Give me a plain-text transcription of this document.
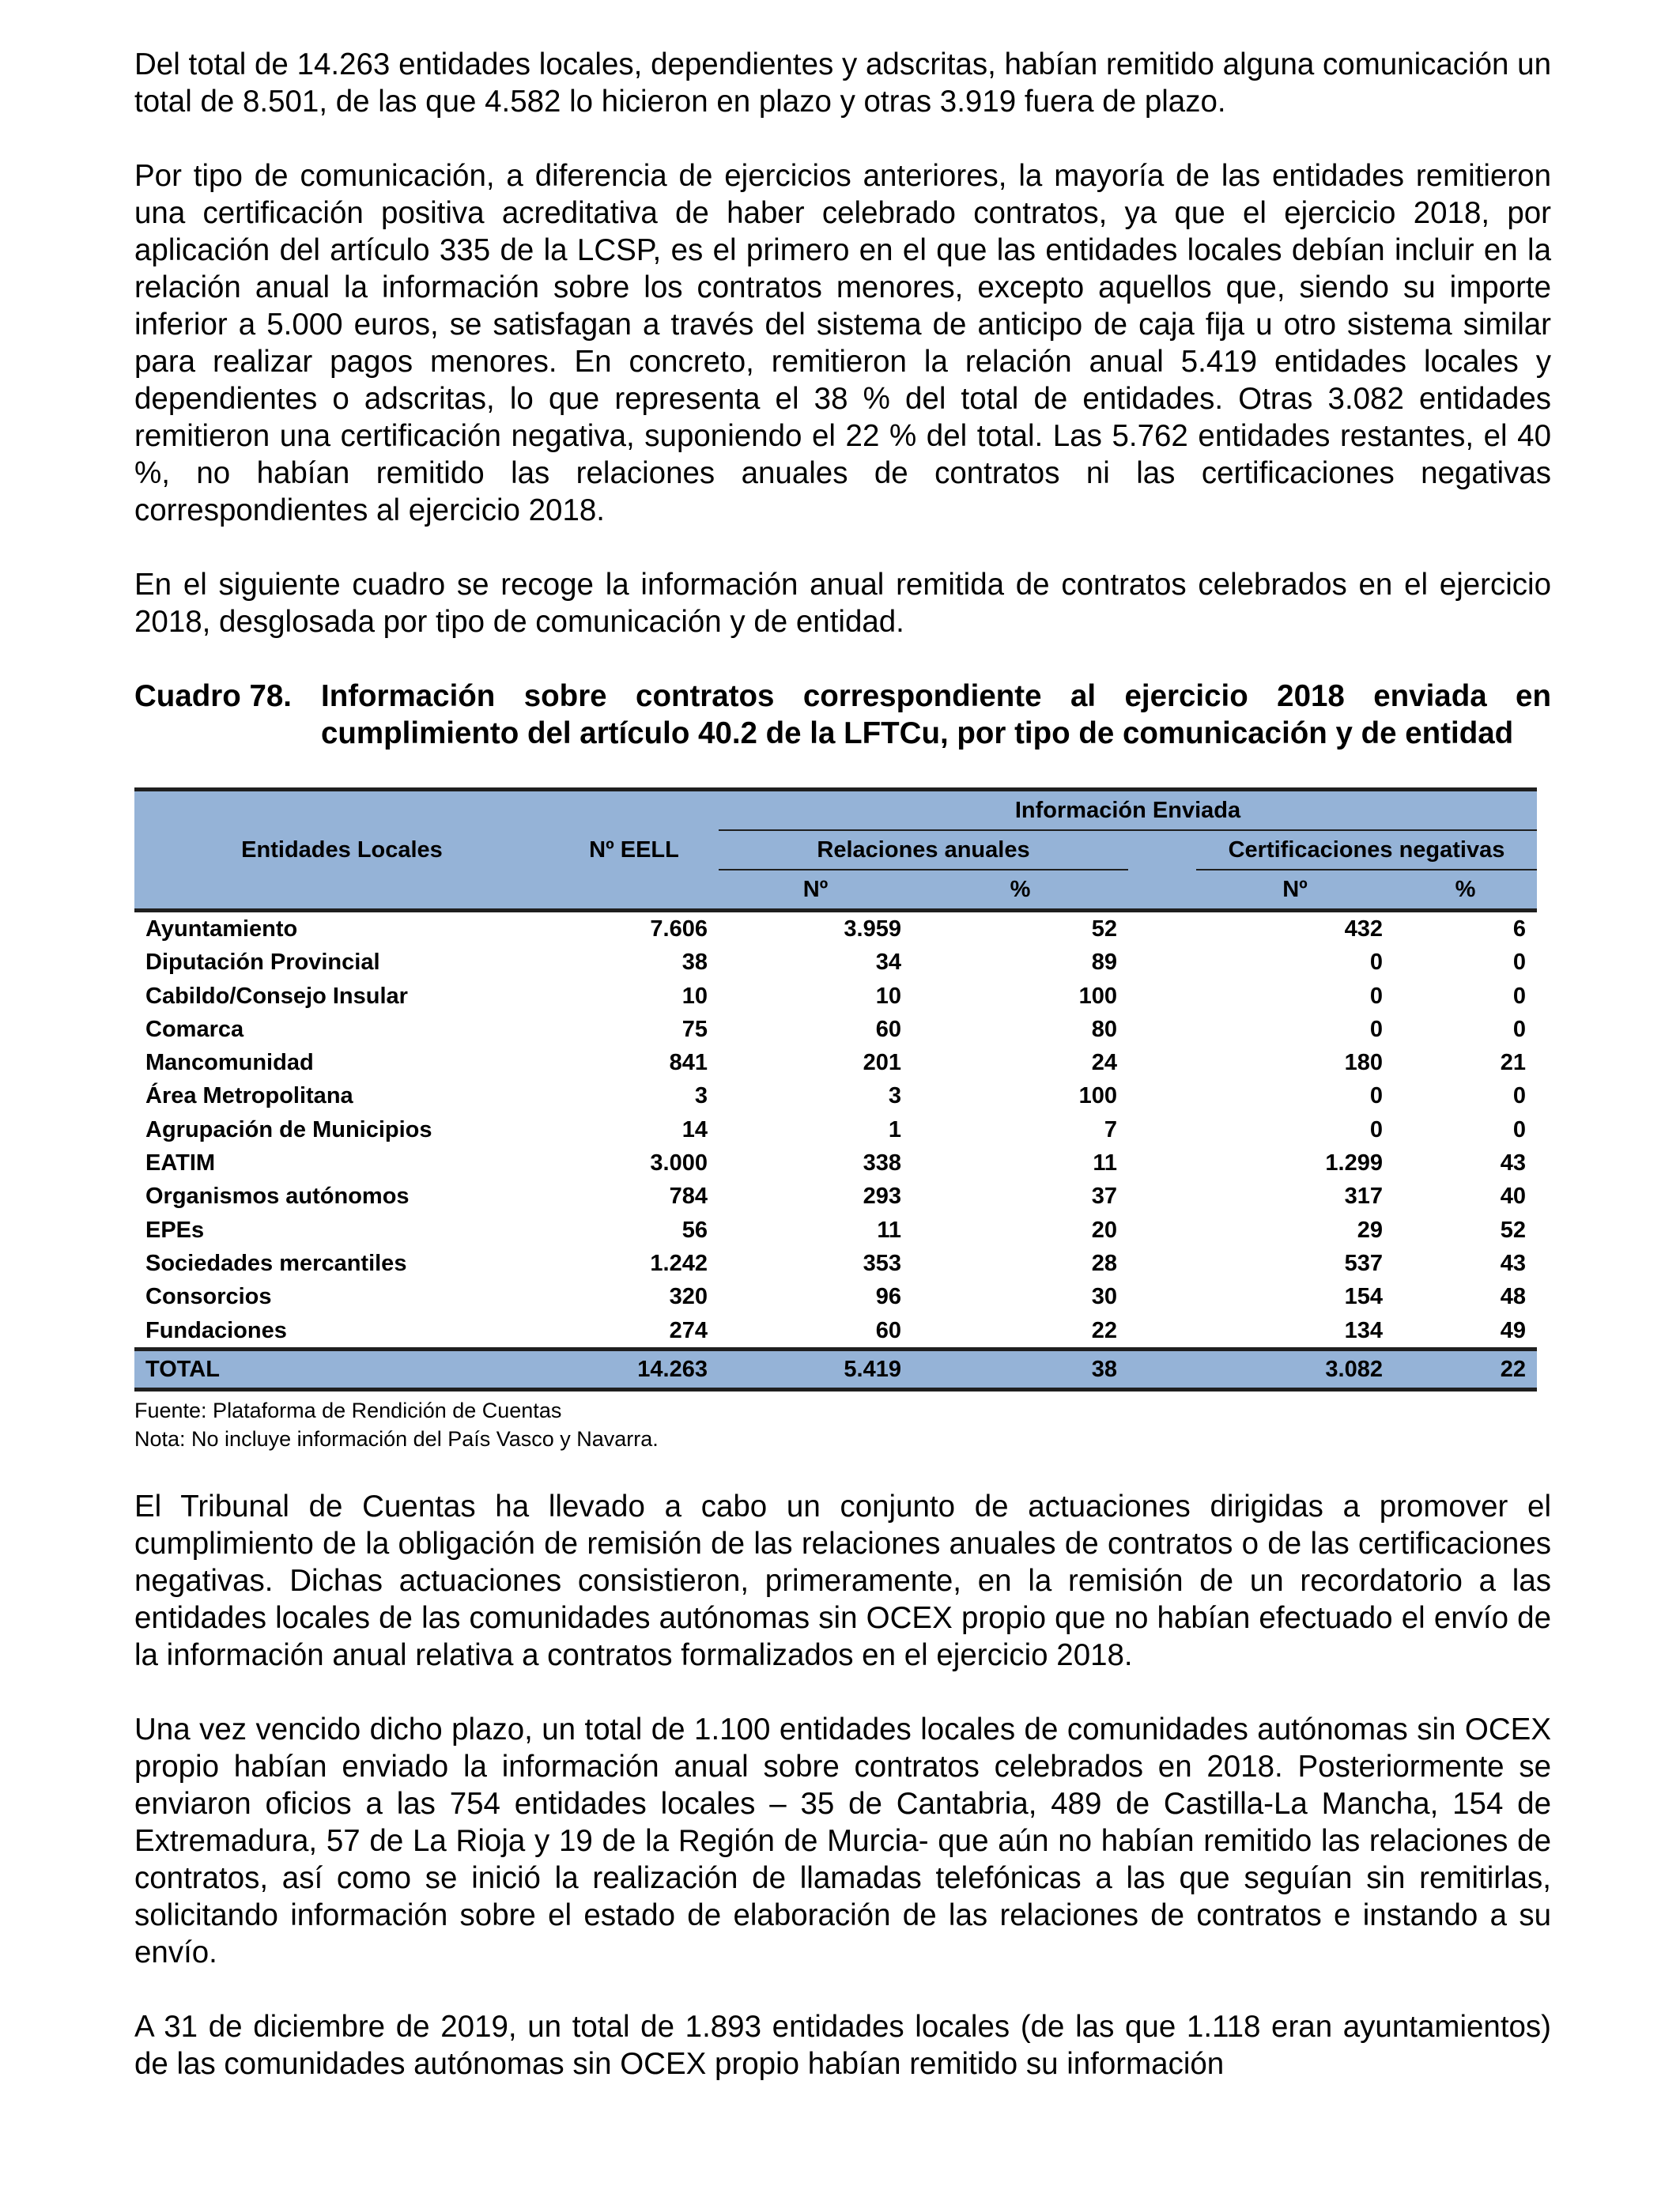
Del total de 14.263 entidades locales, dependientes y adscritas, habían remitido alguna comunicación un total de 8.501, de las que 4.582 lo hicieron en plazo y otras 3.919 fuera de plazo.

Por tipo de comunicación, a diferencia de ejercicios anteriores, la mayoría de las entidades remitieron una certificación positiva acreditativa de haber celebrado contratos, ya que el ejercicio 2018, por aplicación del artículo 335 de la LCSP, es el primero en el que las entidades locales debían incluir en la relación anual la información sobre los contratos menores, excepto aquellos que, siendo su importe inferior a 5.000 euros, se satisfagan a través del sistema de anticipo de caja fija u otro sistema similar para realizar pagos menores. En concreto, remitieron la relación anual 5.419 entidades locales y dependientes o adscritas, lo que representa el 38 % del total de entidades. Otras 3.082 entidades remitieron una certificación negativa, suponiendo el 22 % del total. Las 5.762 entidades restantes, el 40 %, no habían remitido las relaciones anuales de contratos ni las certificaciones negativas correspondientes al ejercicio 2018.

En el siguiente cuadro se recoge la información anual remitida de contratos celebrados en el ejercicio 2018, desglosada por tipo de comunicación y de entidad.

Cuadro 78. Información sobre contratos correspondiente al ejercicio 2018 enviada en cumplimiento del artículo 40.2 de la LFTCu, por tipo de comunicación y de entidad
Entidades Locales	Nº EELL	Información Enviada				
		Relaciones anuales			Certificaciones negativas	
		Nº	%		Nº	%
Ayuntamiento	7.606	3.959	52		432	6
Diputación Provincial	38	34	89		0	0
Cabildo/Consejo Insular	10	10	100		0	0
Comarca	75	60	80		0	0
Mancomunidad	841	201	24		180	21
Área Metropolitana	3	3	100		0	0
Agrupación de Municipios	14	1	7		0	0
EATIM	3.000	338	11		1.299	43
Organismos autónomos	784	293	37		317	40
EPEs	56	11	20		29	52
Sociedades mercantiles	1.242	353	28		537	43
Consorcios	320	96	30		154	48
Fundaciones	274	60	22		134	49
TOTAL	14.263	5.419	38		3.082	22
Fuente: Plataforma de Rendición de Cuentas
Nota: No incluye información del País Vasco y Navarra.

El Tribunal de Cuentas ha llevado a cabo un conjunto de actuaciones dirigidas a promover el cumplimiento de la obligación de remisión de las relaciones anuales de contratos o de las certificaciones negativas. Dichas actuaciones consistieron, primeramente, en la remisión de un recordatorio a las entidades locales de las comunidades autónomas sin OCEX propio que no habían efectuado el envío de la información anual relativa a contratos formalizados en el ejercicio 2018.

Una vez vencido dicho plazo, un total de 1.100 entidades locales de comunidades autónomas sin OCEX propio habían enviado la información anual sobre contratos celebrados en 2018. Posteriormente se enviaron oficios a las 754 entidades locales – 35 de Cantabria, 489 de Castilla-La Mancha, 154 de Extremadura, 57 de La Rioja y 19 de la Región de Murcia- que aún no habían remitido las relaciones de contratos, así como se inició la realización de llamadas telefónicas a las que seguían sin remitirlas, solicitando información sobre el estado de elaboración de las relaciones de contratos e instando a su envío.

A 31 de diciembre de 2019, un total de 1.893 entidades locales (de las que 1.118 eran ayuntamientos) de las comunidades autónomas sin OCEX propio habían remitido su información
